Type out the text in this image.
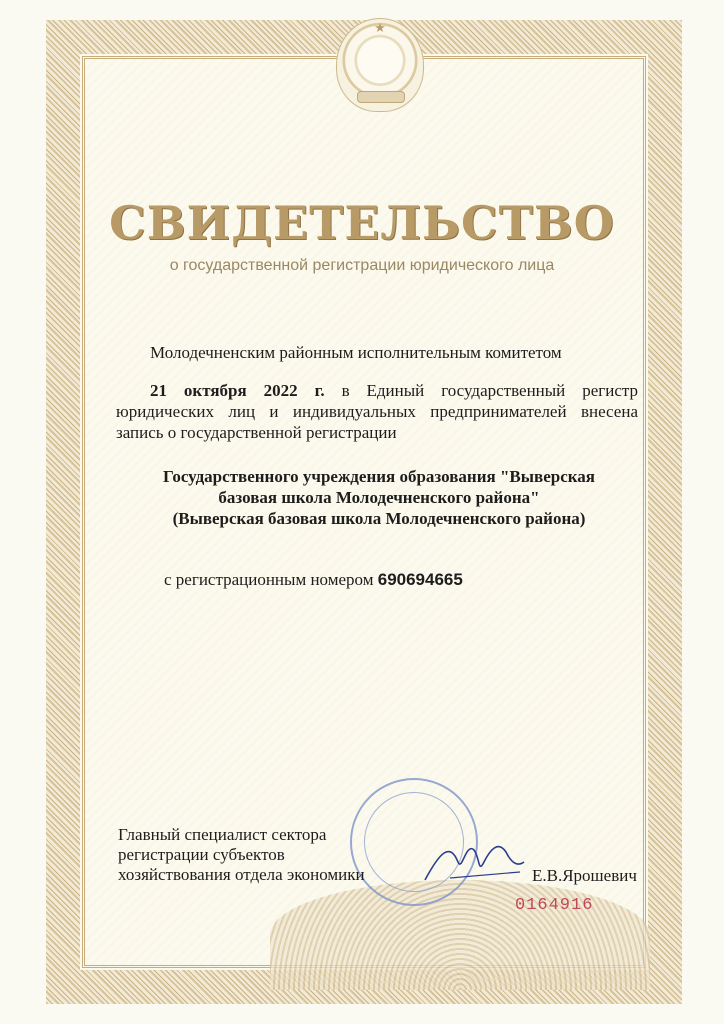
★
СВИДЕТЕЛЬСТВО
о государственной регистрации юридического лица
Молодечненским районным исполнительным комитетом
21 октября 2022 г. в Единый государственный регистр юридических лиц и индивидуальных предпринимателей внесена запись о государственной регистрации
Государственного учреждения образования "Выверская
базовая школа Молодечненского района"
(Выверская базовая школа Молодечненского района)
с регистрационным номером 690694665
Главный специалист сектора
регистрации субъектов
хозяйствования отдела экономики	Е.В.Ярошевич
0164916
